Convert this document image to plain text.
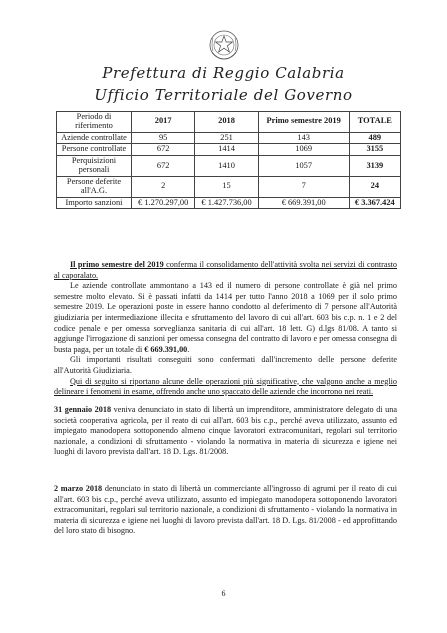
Prefettura di Reggio Calabria
Ufficio Territoriale del Governo
Periodo di riferimento	2017	2018	Primo semestre 2019	TOTALE
Aziende controllate	95	251	143	489
Persone controllate	672	1414	1069	3155
Perquisizioni personali	672	1410	1057	3139
Persone deferite all'A.G.	2	15	7	24
Importo sanzioni	€ 1.270.297,00	€ 1.427.736,00	€ 669.391,00	€ 3.367.424

Il primo semestre del 2019 conferma il consolidamento dell'attività svolta nei servizi di contrasto al caporalato.

Le aziende controllate ammontano a 143 ed il numero di persone controllate è già nel primo semestre molto elevato. Si è passati infatti da 1414 per tutto l'anno 2018 a 1069 per il solo primo semestre 2019. Le operazioni poste in essere hanno condotto al deferimento di 7 persone all'Autorità giudiziaria per intermediazione illecita e sfruttamento del lavoro di cui all'art. 603 bis c.p. n. 1 e 2 del codice penale e per omessa sorveglianza sanitaria di cui all'art. 18 lett. G) d.lgs 81/08. A tanto si aggiunge l'irrogazione di sanzioni per omessa consegna del contratto di lavoro e per omessa consegna di busta paga, per un totale di € 669.391,00.

Gli importanti risultati conseguiti sono confermati dall'incremento delle persone deferite all'Autorità Giudiziaria.

Qui di seguito si riportano alcune delle operazioni più significative, che valgono anche a meglio delineare i fenomeni in esame, offrendo anche uno spaccato delle aziende che incorrono nei reati.

31 gennaio 2018 veniva denunciato in stato di libertà un imprenditore, amministratore delegato di una società cooperativa agricola, per il reato di cui all'art. 603 bis c.p., perché aveva utilizzato, assunto ed impiegato manodopera sottoponendo almeno cinque lavoratori extracomunitari, regolari sul territorio nazionale, a condizioni di sfruttamento - violando la normativa in materia di sicurezza e igiene nei luoghi di lavoro prevista dall'art. 18 D. Lgs. 81/2008.

2 marzo 2018 denunciato in stato di libertà un commerciante all'ingrosso di agrumi per il reato di cui all'art. 603 bis c.p., perché aveva utilizzato, assunto ed impiegato manodopera sottoponendo lavoratori extracomunitari, regolari sul territorio nazionale, a condizioni di sfruttamento - violando la normativa in materia di sicurezza e igiene nei luoghi di lavoro prevista dall'art. 18 D. Lgs. 81/2008 - ed approfittando del loro stato di bisogno.

6
